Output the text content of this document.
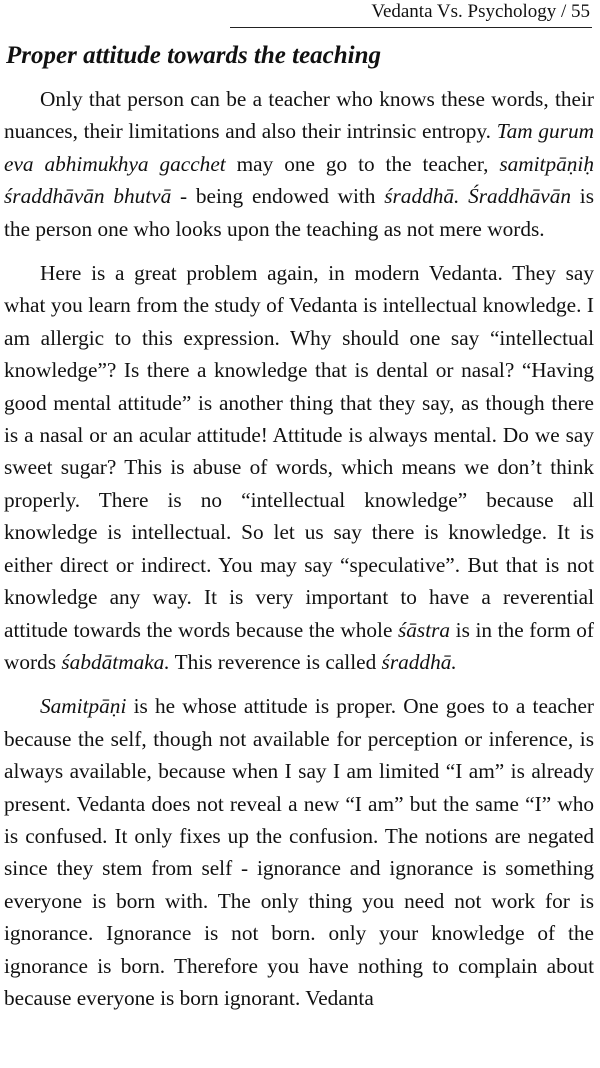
Vedanta Vs. Psychology / 55
Proper attitude towards the teaching

Only that person can be a teacher who knows these words, their nuances, their limitations and also their intrinsic entropy. Tam gurum eva abhimukhya gacchet may one go to the teacher, samitpāṇiḥ śraddhāvān bhutvā - being endowed with śraddhā. Śraddhāvān is the person one who looks upon the teaching as not mere words.

Here is a great problem again, in modern Vedanta. They say what you learn from the study of Vedanta is intellectual knowledge. I am allergic to this expression. Why should one say “intellectual knowledge”? Is there a knowledge that is dental or nasal? “Having good mental attitude” is another thing that they say, as though there is a nasal or an acular attitude! Attitude is always mental. Do we say sweet sugar? This is abuse of words, which means we don’t think properly. There is no “intellectual knowledge” because all knowledge is intellectual. So let us say there is knowledge. It is either direct or indirect. You may say “speculative”. But that is not knowledge any way. It is very important to have a reverential attitude towards the words because the whole śāstra is in the form of words śabdātmaka. This reverence is called śraddhā.

Samitpāṇi is he whose attitude is proper. One goes to a teacher because the self, though not available for perception or inference, is always available, because when I say I am limited “I am” is already present. Vedanta does not reveal a new “I am” but the same “I” who is confused. It only fixes up the confusion. The notions are negated since they stem from self - ignorance and ignorance is something everyone is born with. The only thing you need not work for is ignorance. Ignorance is not born. only your knowledge of the ignorance is born. Therefore you have nothing to complain about because everyone is born ignorant. Vedanta
